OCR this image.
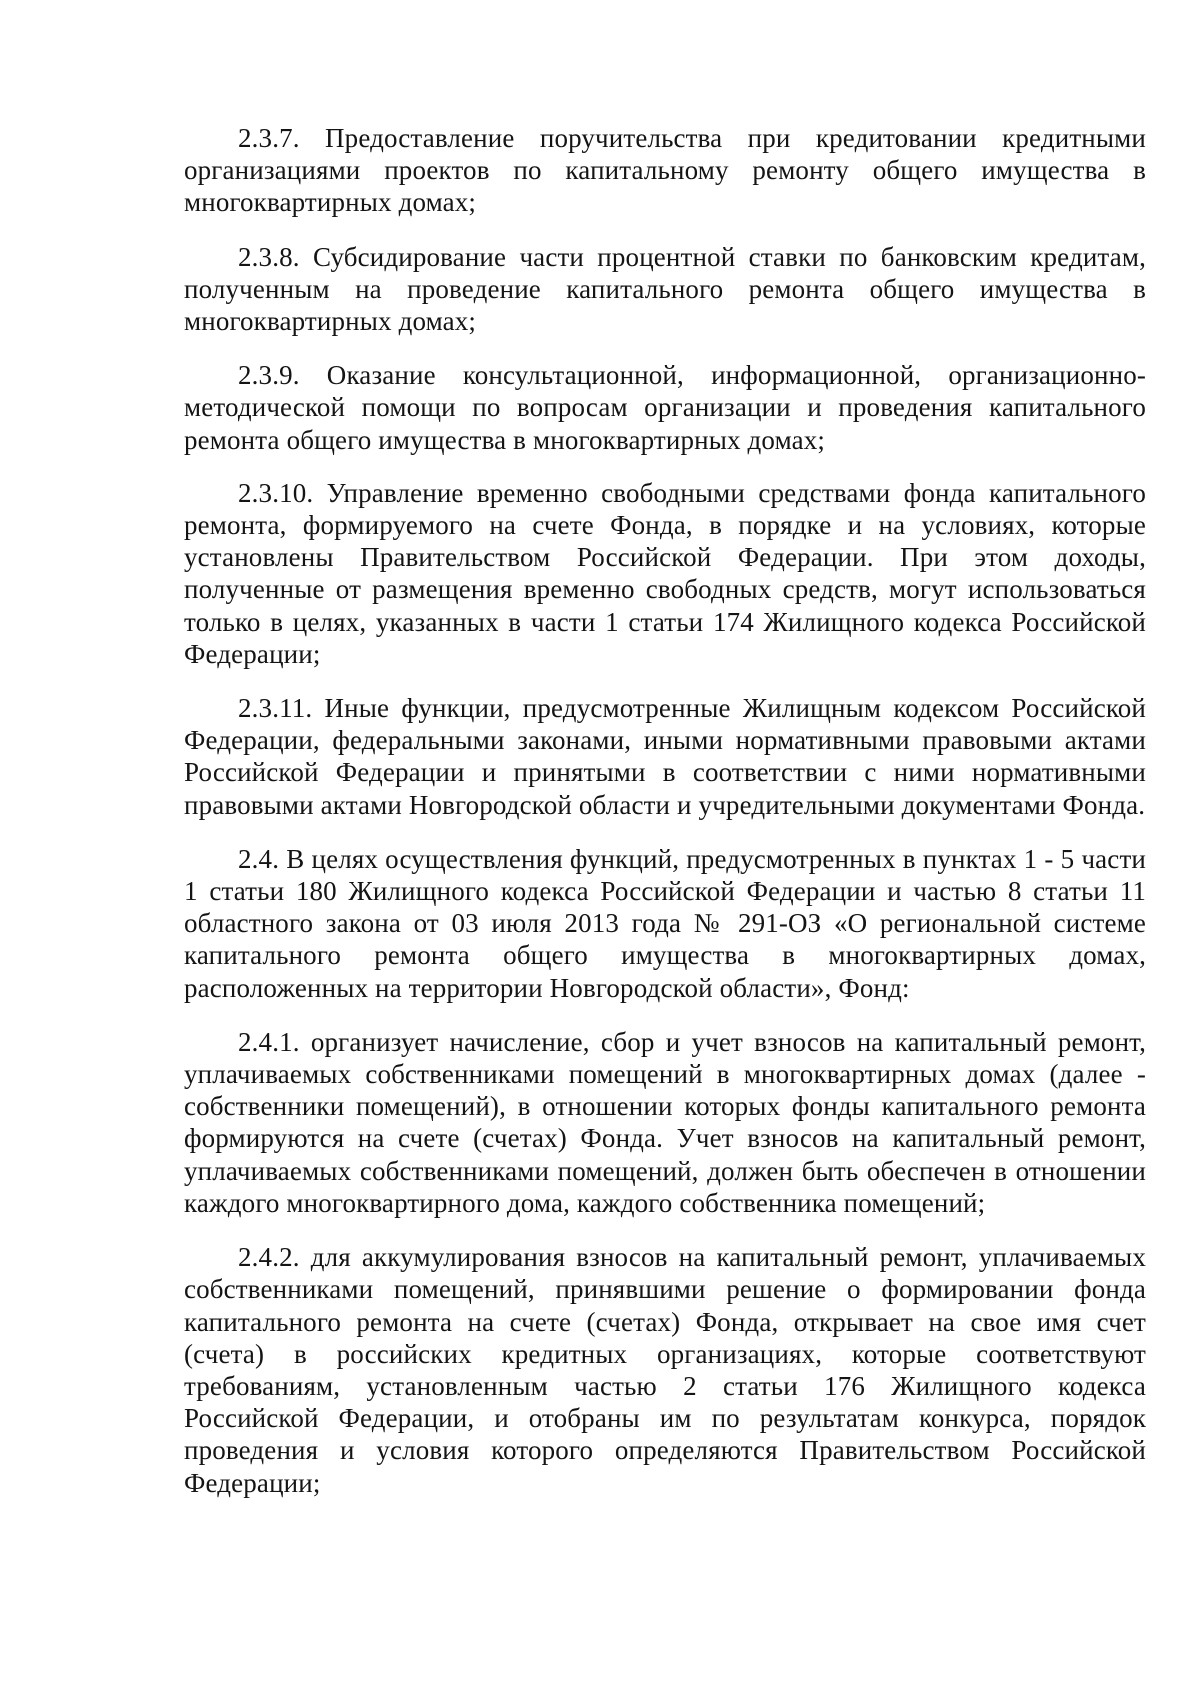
2.3.7. Предоставление поручительства при кредитовании кредитными организациями проектов по капитальному ремонту общего имущества в многоквартирных домах;

2.3.8. Субсидирование части процентной ставки по банковским кредитам, полученным на проведение капитального ремонта общего имущества в многоквартирных домах;

2.3.9. Оказание консультационной, информационной, организационно-методической помощи по вопросам организации и проведения капитального ремонта общего имущества в многоквартирных домах;

2.3.10. Управление временно свободными средствами фонда капитального ремонта, формируемого на счете Фонда, в порядке и на условиях, которые установлены Правительством Российской Федерации. При этом доходы, полученные от размещения временно свободных средств, могут использоваться только в целях, указанных в части 1 статьи 174 Жилищного кодекса Российской Федерации;

2.3.11. Иные функции, предусмотренные Жилищным кодексом Российской Федерации, федеральными законами, иными нормативными правовыми актами Российской Федерации и принятыми в соответствии с ними нормативными правовыми актами Новгородской области и учредительными документами Фонда.

2.4. В целях осуществления функций, предусмотренных в пунктах 1 - 5 части 1 статьи 180 Жилищного кодекса Российской Федерации и частью 8 статьи 11 областного закона от 03 июля 2013 года № 291-ОЗ «О региональной системе капитального ремонта общего имущества в многоквартирных домах, расположенных на территории Новгородской области», Фонд:

2.4.1. организует начисление, сбор и учет взносов на капитальный ремонт, уплачиваемых собственниками помещений в многоквартирных домах (далее - собственники помещений), в отношении которых фонды капитального ремонта формируются на счете (счетах) Фонда. Учет взносов на капитальный ремонт, уплачиваемых собственниками помещений, должен быть обеспечен в отношении каждого многоквартирного дома, каждого собственника помещений;

2.4.2. для аккумулирования взносов на капитальный ремонт, уплачиваемых собственниками помещений, принявшими решение о формировании фонда капитального ремонта на счете (счетах) Фонда, открывает на свое имя счет (счета) в российских кредитных организациях, которые соответствуют требованиям, установленным частью 2 статьи 176 Жилищного кодекса Российской Федерации, и отобраны им по результатам конкурса, порядок проведения и условия которого определяются Правительством Российской Федерации;
